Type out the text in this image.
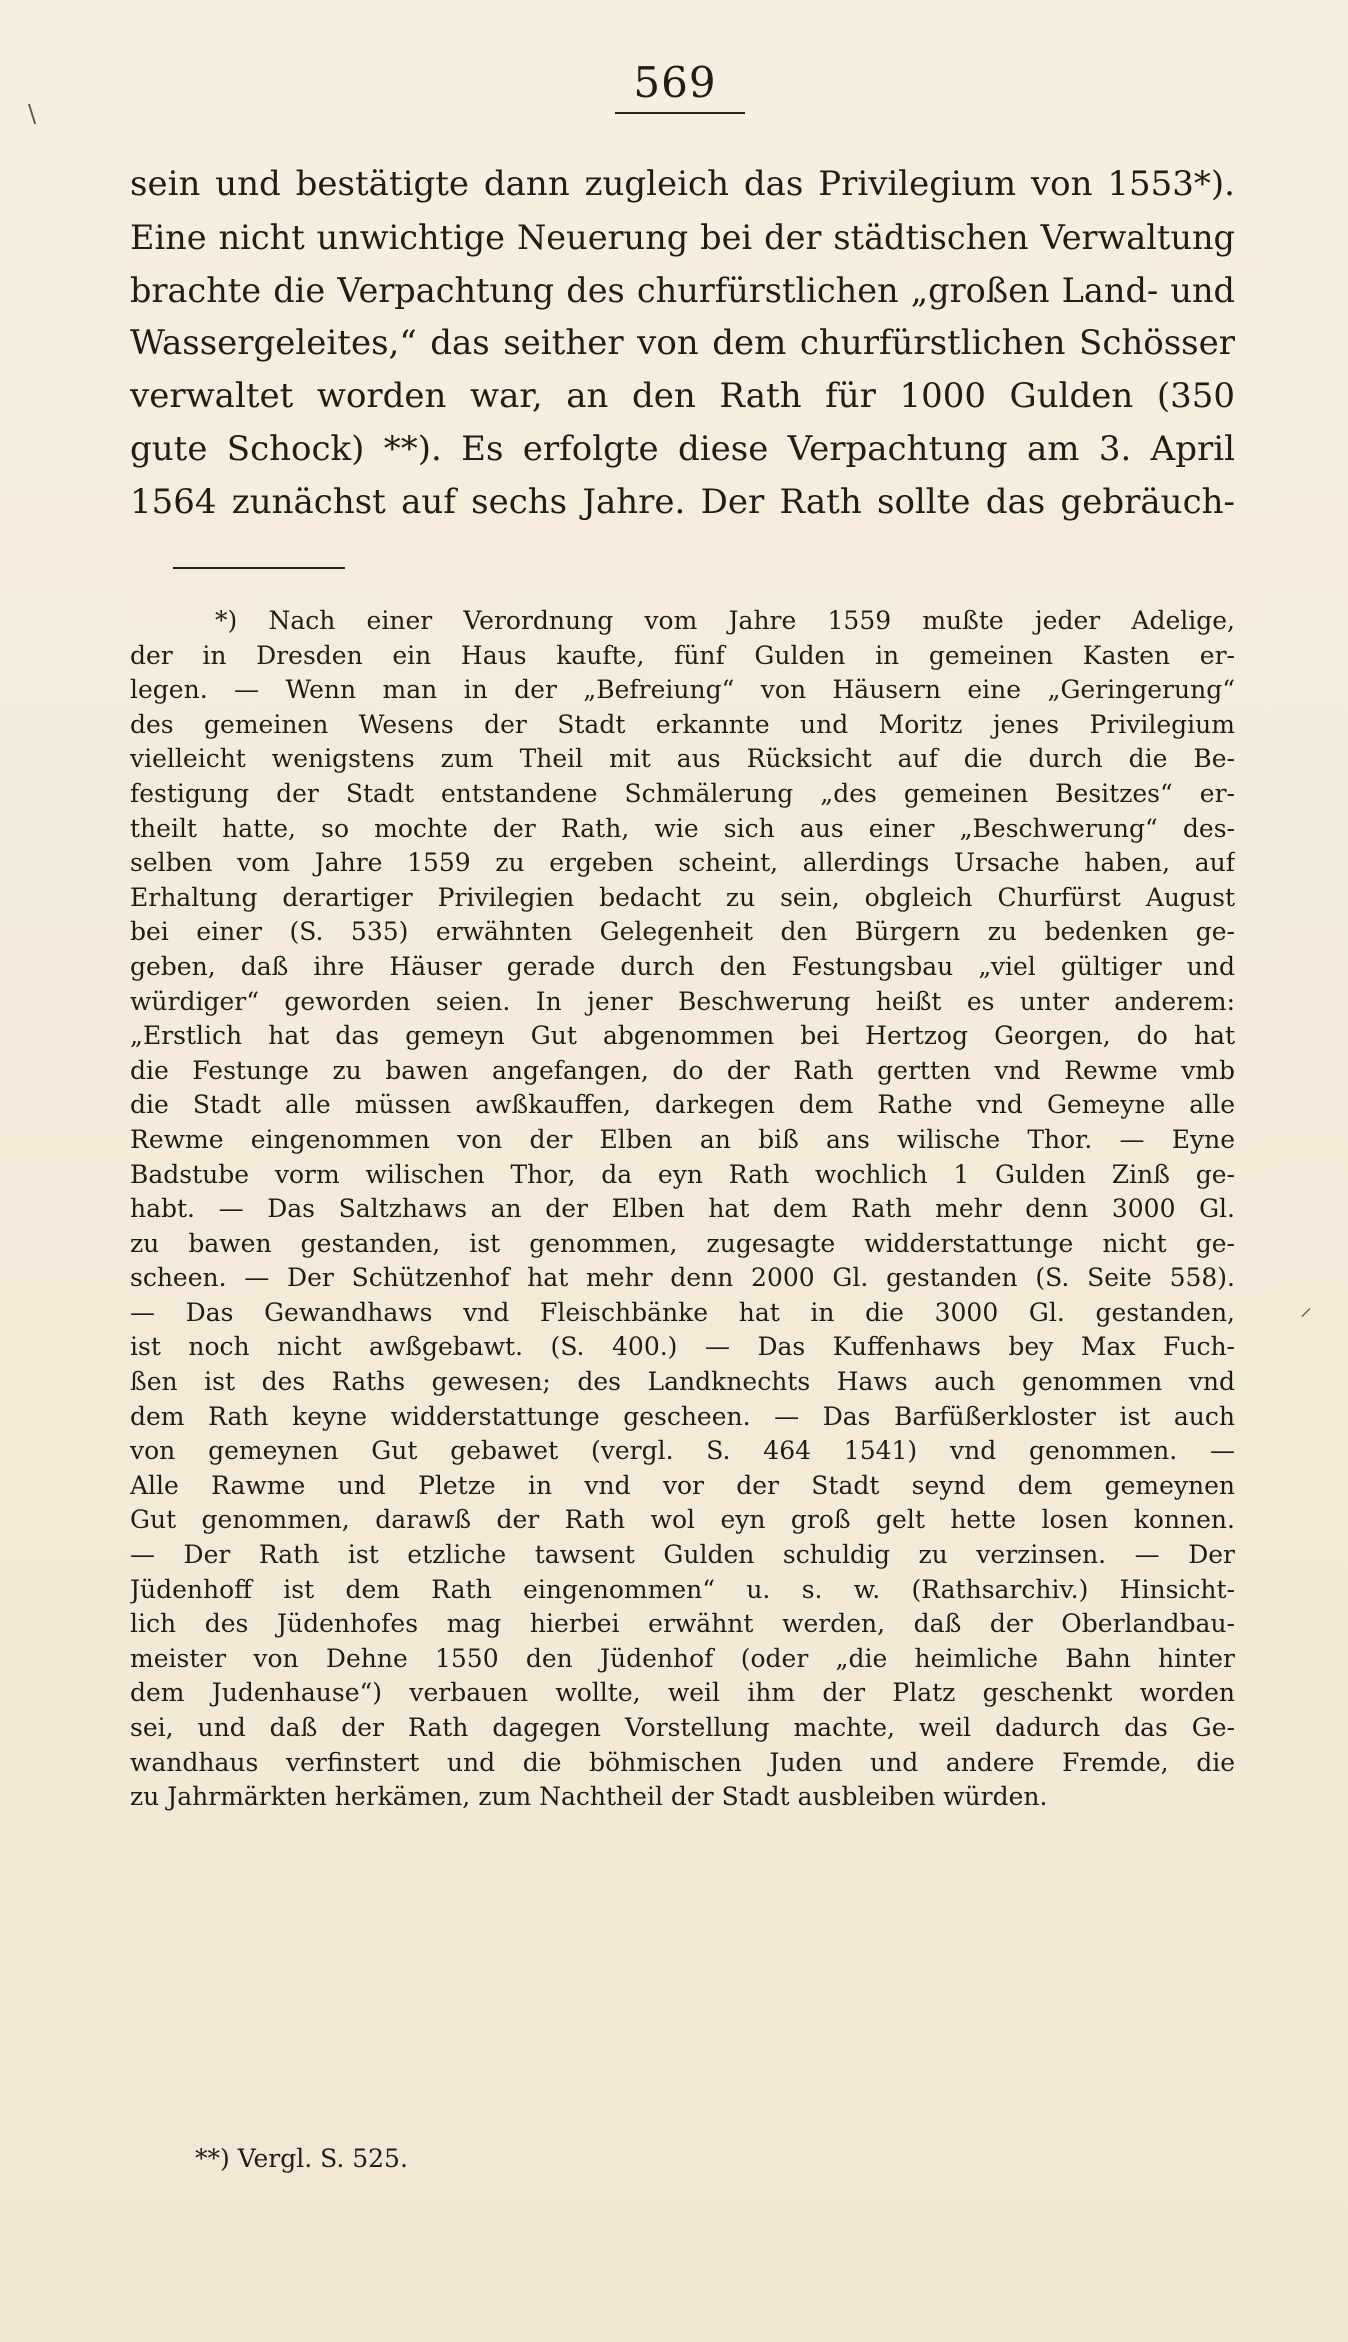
\
⸝
569
sein und bestätigte dann zugleich das Privilegium von 1553*).
Eine nicht unwichtige Neuerung bei der städtischen Verwaltung
brachte die Verpachtung des churfürstlichen „großen Land- und
Wassergeleites,“ das seither von dem churfürstlichen Schösser
verwaltet worden war, an den Rath für 1000 Gulden (350
gute Schock) **). Es erfolgte diese Verpachtung am 3. April
1564 zunächst auf sechs Jahre. Der Rath sollte das gebräuch-
*) Nach einer Verordnung vom Jahre 1559 mußte jeder Adelige,
der in Dresden ein Haus kaufte, fünf Gulden in gemeinen Kasten er-
legen. — Wenn man in der „Befreiung“ von Häusern eine „Geringerung“
des gemeinen Wesens der Stadt erkannte und Moritz jenes Privilegium
vielleicht wenigstens zum Theil mit aus Rücksicht auf die durch die Be-
festigung der Stadt entstandene Schmälerung „des gemeinen Besitzes“ er-
theilt hatte, so mochte der Rath, wie sich aus einer „Beschwerung“ des-
selben vom Jahre 1559 zu ergeben scheint, allerdings Ursache haben, auf
Erhaltung derartiger Privilegien bedacht zu sein, obgleich Churfürst August
bei einer (S. 535) erwähnten Gelegenheit den Bürgern zu bedenken ge-
geben, daß ihre Häuser gerade durch den Festungsbau „viel gültiger und
würdiger“ geworden seien. In jener Beschwerung heißt es unter anderem:
„Erstlich hat das gemeyn Gut abgenommen bei Hertzog Georgen, do hat
die Festunge zu bawen angefangen, do der Rath gertten vnd Rewme vmb
die Stadt alle müssen awßkauffen, darkegen dem Rathe vnd Gemeyne alle
Rewme eingenommen von der Elben an biß ans wilische Thor. — Eyne
Badstube vorm wilischen Thor, da eyn Rath wochlich 1 Gulden Zinß ge-
habt. — Das Saltzhaws an der Elben hat dem Rath mehr denn 3000 Gl.
zu bawen gestanden, ist genommen, zugesagte widderstattunge nicht ge-
scheen. — Der Schützenhof hat mehr denn 2000 Gl. gestanden (S. Seite 558).
— Das Gewandhaws vnd Fleischbänke hat in die 3000 Gl. gestanden,
ist noch nicht awßgebawt. (S. 400.) — Das Kuffenhaws bey Max Fuch-
ßen ist des Raths gewesen; des Landknechts Haws auch genommen vnd
dem Rath keyne widderstattunge gescheen. — Das Barfüßerkloster ist auch
von gemeynen Gut gebawet (vergl. S. 464 1541) vnd genommen. —
Alle Rawme und Pletze in vnd vor der Stadt seynd dem gemeynen
Gut genommen, darawß der Rath wol eyn groß gelt hette losen konnen.
— Der Rath ist etzliche tawsent Gulden schuldig zu verzinsen. — Der
Jüdenhoff ist dem Rath eingenommen“ u. s. w. (Rathsarchiv.) Hinsicht-
lich des Jüdenhofes mag hierbei erwähnt werden, daß der Oberlandbau-
meister von Dehne 1550 den Jüdenhof (oder „die heimliche Bahn hinter
dem Judenhause“) verbauen wollte, weil ihm der Platz geschenkt worden
sei, und daß der Rath dagegen Vorstellung machte, weil dadurch das Ge-
wandhaus verfinstert und die böhmischen Juden und andere Fremde, die
zu Jahrmärkten herkämen, zum Nachtheil der Stadt ausbleiben würden.
**) Vergl. S. 525.
